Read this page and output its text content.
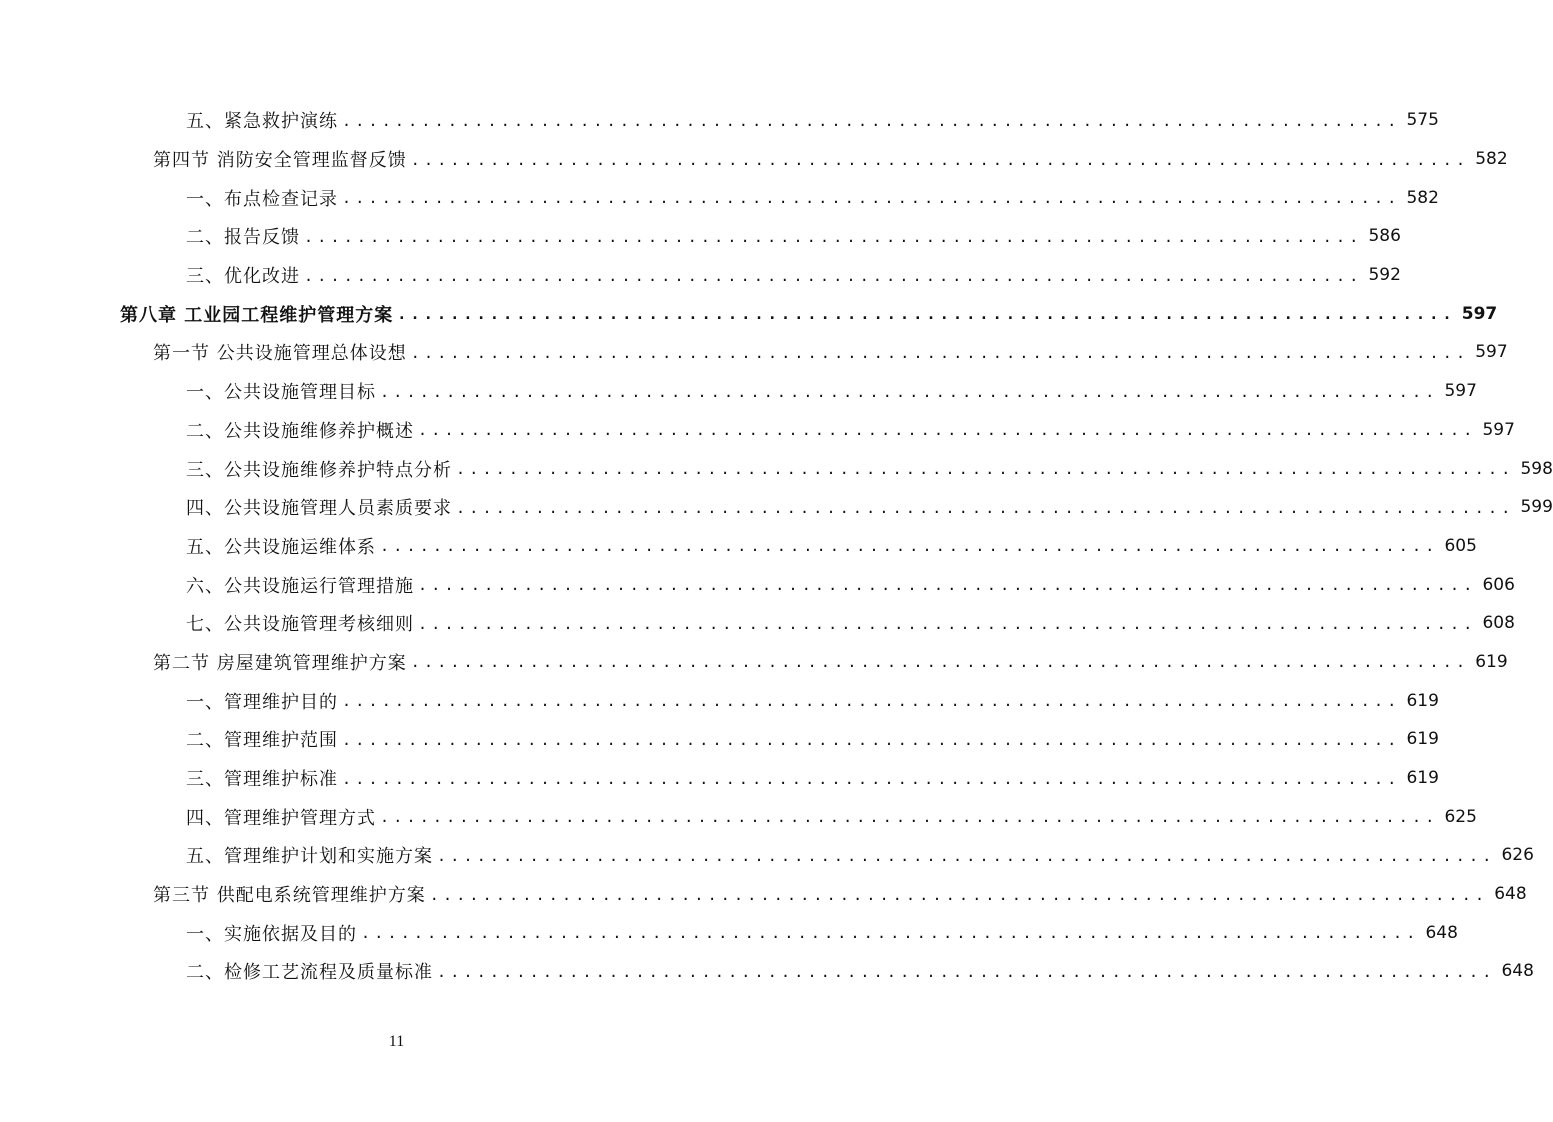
五、紧急救护演练 ................................................................................ 575
第四节 消防安全管理监督反馈 ................................................................................ 582
一、布点检查记录 ................................................................................ 582
二、报告反馈 ................................................................................ 586
三、优化改进 ................................................................................ 592
第八章 工业园工程维护管理方案 ................................................................................ 597
第一节 公共设施管理总体设想 ................................................................................ 597
一、公共设施管理目标 ................................................................................ 597
二、公共设施维修养护概述 ................................................................................ 597
三、公共设施维修养护特点分析 ................................................................................ 598
四、公共设施管理人员素质要求 ................................................................................ 599
五、公共设施运维体系 ................................................................................ 605
六、公共设施运行管理措施 ................................................................................ 606
七、公共设施管理考核细则 ................................................................................ 608
第二节 房屋建筑管理维护方案 ................................................................................ 619
一、管理维护目的 ................................................................................ 619
二、管理维护范围 ................................................................................ 619
三、管理维护标准 ................................................................................ 619
四、管理维护管理方式 ................................................................................ 625
五、管理维护计划和实施方案 ................................................................................ 626
第三节 供配电系统管理维护方案 ................................................................................ 648
一、实施依据及目的 ................................................................................ 648
二、检修工艺流程及质量标准 ................................................................................ 648
11
